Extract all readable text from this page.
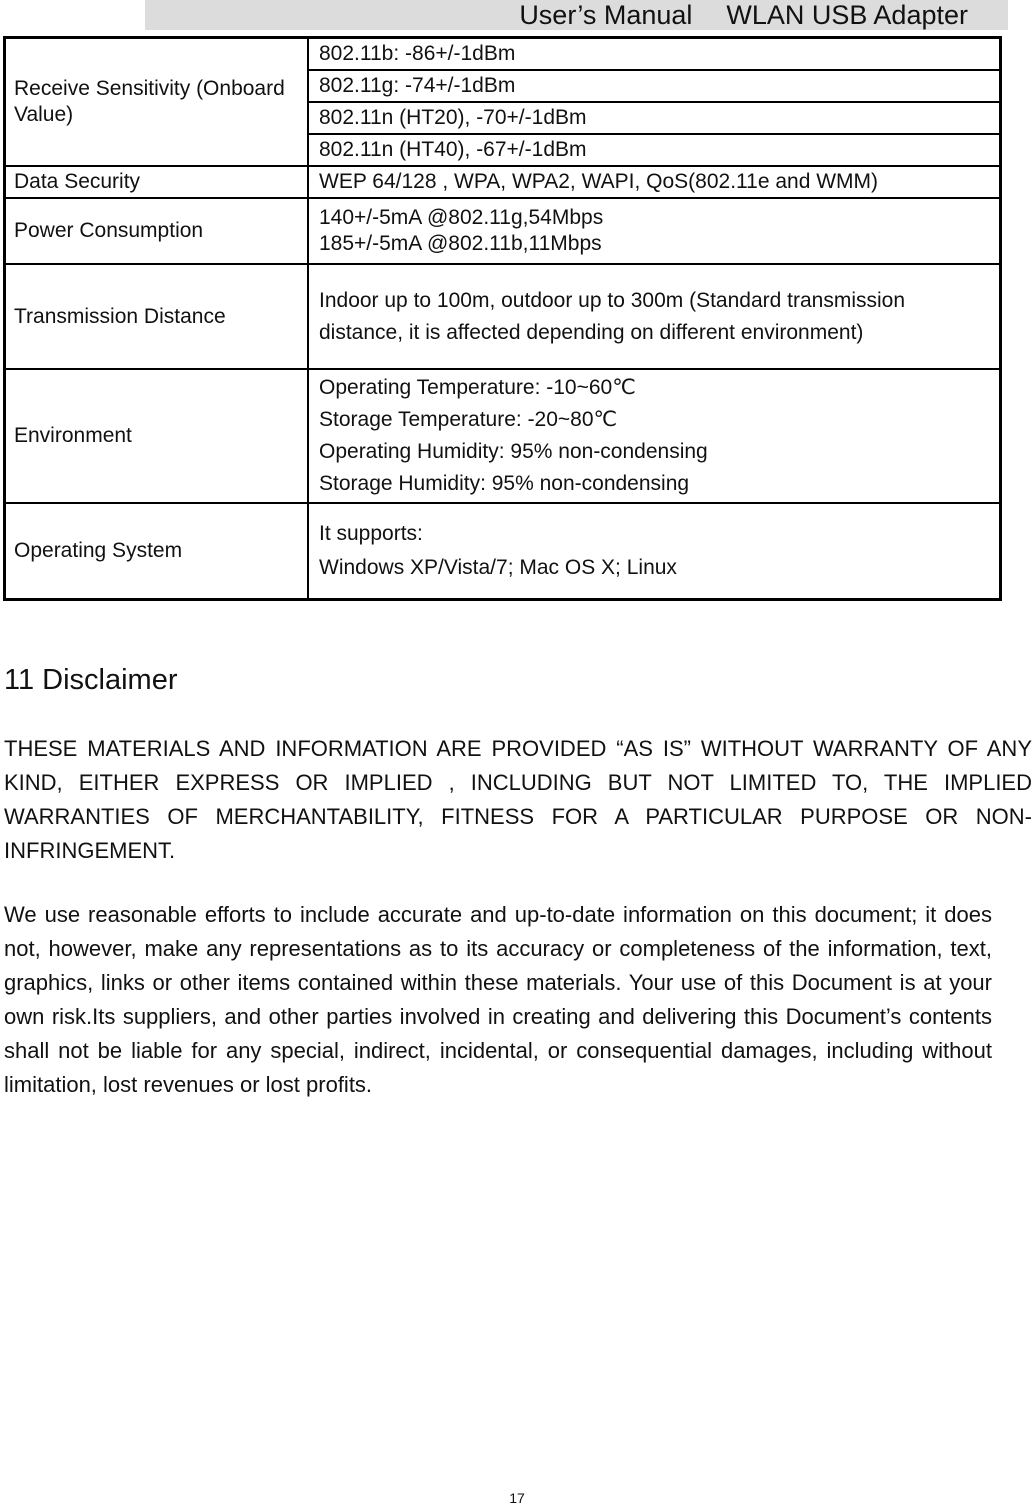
User’s Manual WLAN USB Adapter
Receive Sensitivity (Onboard Value)	802.11b: -86+/-1dBm
	802.11g: -74+/-1dBm
	802.11n (HT20), -70+/-1dBm
	802.11n (HT40), -67+/-1dBm
Data Security	WEP 64/128 , WPA, WPA2, WAPI, QoS(802.11e and WMM)
Power Consumption	140+/-5mA @802.11g,54Mbps
185+/-5mA @802.11b,11Mbps

Transmission Distance	Indoor up to 100m, outdoor up to 300m (Standard transmission distance, it is affected depending on different environment)
Environment	Operating Temperature: -10~60℃
Storage Temperature: -20~80℃
Operating Humidity: 95% non-condensing
Storage Humidity: 95% non-condensing

Operating System	It supports:
Windows XP/Vista/7; Mac OS X; Linux
11 Disclaimer

THESE MATERIALS AND INFORMATION ARE PROVIDED “AS IS” WITHOUT WARRANTY OF ANY KIND, EITHER EXPRESS OR IMPLIED , INCLUDING BUT NOT LIMITED TO, THE IMPLIED WARRANTIES OF MERCHANTABILITY, FITNESS FOR A PARTICULAR PURPOSE OR NON-INFRINGEMENT.

We use reasonable efforts to include accurate and up-to-date information on this document; it does not, however, make any representations as to its accuracy or completeness of the information, text, graphics, links or other items contained within these materials. Your use of this Document is at your own risk.Its suppliers, and other parties involved in creating and delivering this Document’s contents shall not be liable for any special, indirect, incidental, or consequential damages, including without limitation, lost revenues or lost profits.

17
